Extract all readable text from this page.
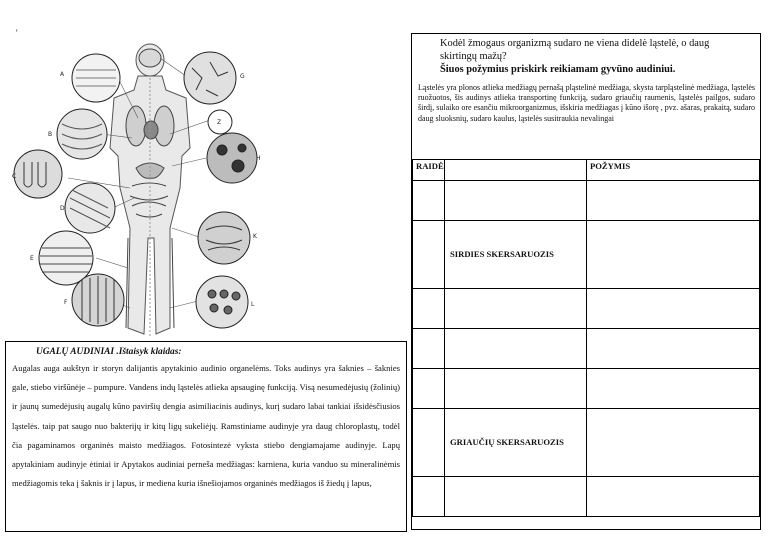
'
A
B
C
D
E
F
G
Z
H
K
L
UGALŲ AUDINIAI .Ištaisyk klaidas:

Augalas auga aukštyn ir storyn dalijantis apytakinio audinio organelėms. Toks audinys yra šaknies – šaknies gale, stiebo viršūnėje – pumpure. Vandens indų ląstelės atlieka apsauginę funkciją. Visą nesumedėjusių (žolinių) ir jaunų sumedėjusių augalų kūno paviršių dengia asimiliacinis audinys, kurį sudaro labai tankiai išsidėsčiusios ląstelės. taip pat saugo nuo bakterijų ir kitų ligų sukeliėjų. Ramstiniame audinyje yra daug chloroplastų, todėl čia pagaminamos organinės maisto medžiagos. Fotosintezė vyksta stiebo dengiamajame audinyje. Lapų apytakiniam audinyje ėtiniai ir Apytakos audiniai perneša medžiagas: karniena, kuria vanduo su mineralinėmis medžiagomis teka į šaknis ir į lapus, ir mediena kuria išnešiojamos organinės medžiagos iš žiedų į lapus,

Kodėl žmogaus organizmą sudaro ne viena didelė ląstelė, o daug
skirtingų mažų?
Šiuos požymius priskirk reikiamam gyvūno audiniui.
Ląstelės yra plonos atlieka medžiagų pernašą pląstelinė medžiaga, skysta tarpląstelinė medžiaga, ląstelės ruožuotos, šis audinys atlieka transportinę funkciją, sudaro griaučių raumenis, ląstelės pailgos, sudaro širdį, sulaiko ore esančiu mikroorganizmus, išskiria medžiagas į kūno išorę , pvz. ašaras, prakaitą, sudaro daug sluoksnių, sudaro kaulus, ląstelės susitraukia nevalingai
RAIDĖ		POŽYMIS

	SIRDIES SKERSARUOZIS	

	GRIAUČIŲ SKERSARUOZIS	
